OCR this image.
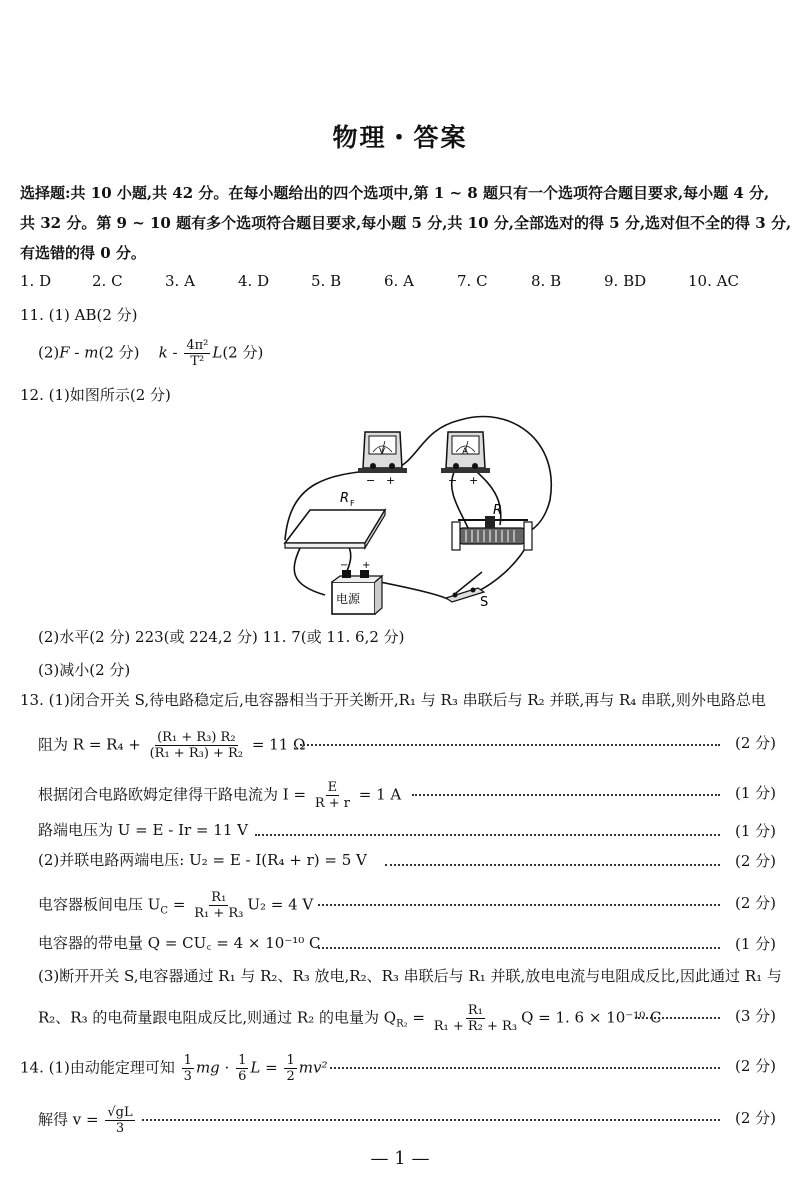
物理・答案
选择题:共 10 小题,共 42 分。在每小题给出的四个选项中,第 1 ~ 8 题只有一个选项符合题目要求,每小题 4 分,
共 32 分。第 9 ~ 10 题有多个选项符合题目要求,每小题 5 分,共 10 分,全部选对的得 5 分,选对但不全的得 3 分,
有选错的得 0 分。
1. D	2. C	3. A	4. D	5. B	6. A	7. C	8. B	9. BD	10. AC
11. (1) AB(2 分)
(2)F - m(2 分) k - $\frac{\text{4π²}}{\text{T²}} L(2$ 分)
12. (1)如图所示(2 分)
V
− +
A
− +
R F	R
− +
电源	S
(2)水平(2 分) 223(或 224,2 分) 11. 7(或 11. 6,2 分)
(3)减小(2 分)
13. (1)闭合开关 S,待电路稳定后,电容器相当于开关断开,R₁ 与 R₃ 串联后与 R₂ 并联,再与 R₄ 串联,则外电路总电
阻为 $R = R_4 + \frac{\text{(R₁ + R₃) R₂}}{\text{(R₁ + R₃) + R₂}} = 11$ Ω	(2 分)
根据闭合电路欧姆定律得干路电流为 $I = \frac{E}{R + r} = 1$ A	(1 分)
路端电压为 U = E - Ir = 11 V	(1 分)
(2)并联电路两端电压: U₂ = E - I(R₄ + r) = 5 V	(2 分)
电容器板间电压 $U_C = \frac{\text{R₁}}{\text{R₁ + R₃}} U_2 = 4$ V	(2 分)
电容器的带电量 Q = CU꜀ = 4 × 10⁻¹⁰ C	(1 分)
(3)断开开关 S,电容器通过 R₁ 与 R₂、R₃ 放电,R₂、R₃ 串联后与 R₁ 并联,放电电流与电阻成反比,因此通过 R₁ 与
R₂、R₃ 的电荷量跟电阻成反比,则通过 R₂ 的电量为 $Q_{R_2} = \frac{\text{R₁}}{\text{R₁ + R₂ + R₃}}$ Q = 1. 6 × 10⁻¹⁰ C	(3 分)
14. (1)由动能定理可知 $\frac{1}{3}$ mg · $\frac{1}{6}$ $L = \frac{1}{2} mv^2$	(2 分)
解得 $v = \frac{√gL}{3}$	(2 分)
— 1 —
